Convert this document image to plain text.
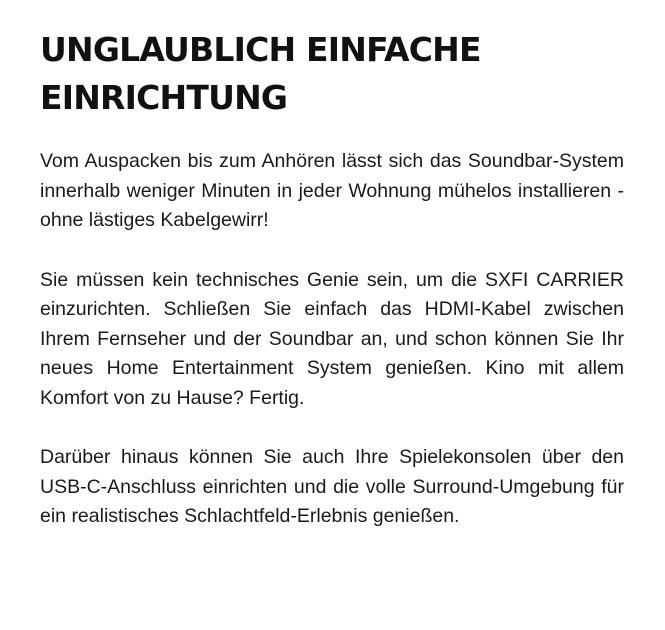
UNGLAUBLICH EINFACHE
EINRICHTUNG

Vom Auspacken bis zum Anhören lässt sich das Soundbar-System innerhalb weniger Minuten in jeder Wohnung mühelos installieren - ohne lästiges Kabelgewirr!

Sie müssen kein technisches Genie sein, um die SXFI CARRIER einzurichten. Schließen Sie einfach das HDMI-Kabel zwischen Ihrem Fernseher und der Soundbar an, und schon können Sie Ihr neues Home Entertainment System genießen. Kino mit allem Komfort von zu Hause? Fertig.

Darüber hinaus können Sie auch Ihre Spielekonsolen über den USB-C-Anschluss einrichten und die volle Surround-Umgebung für ein realistisches Schlachtfeld-Erlebnis genießen.
